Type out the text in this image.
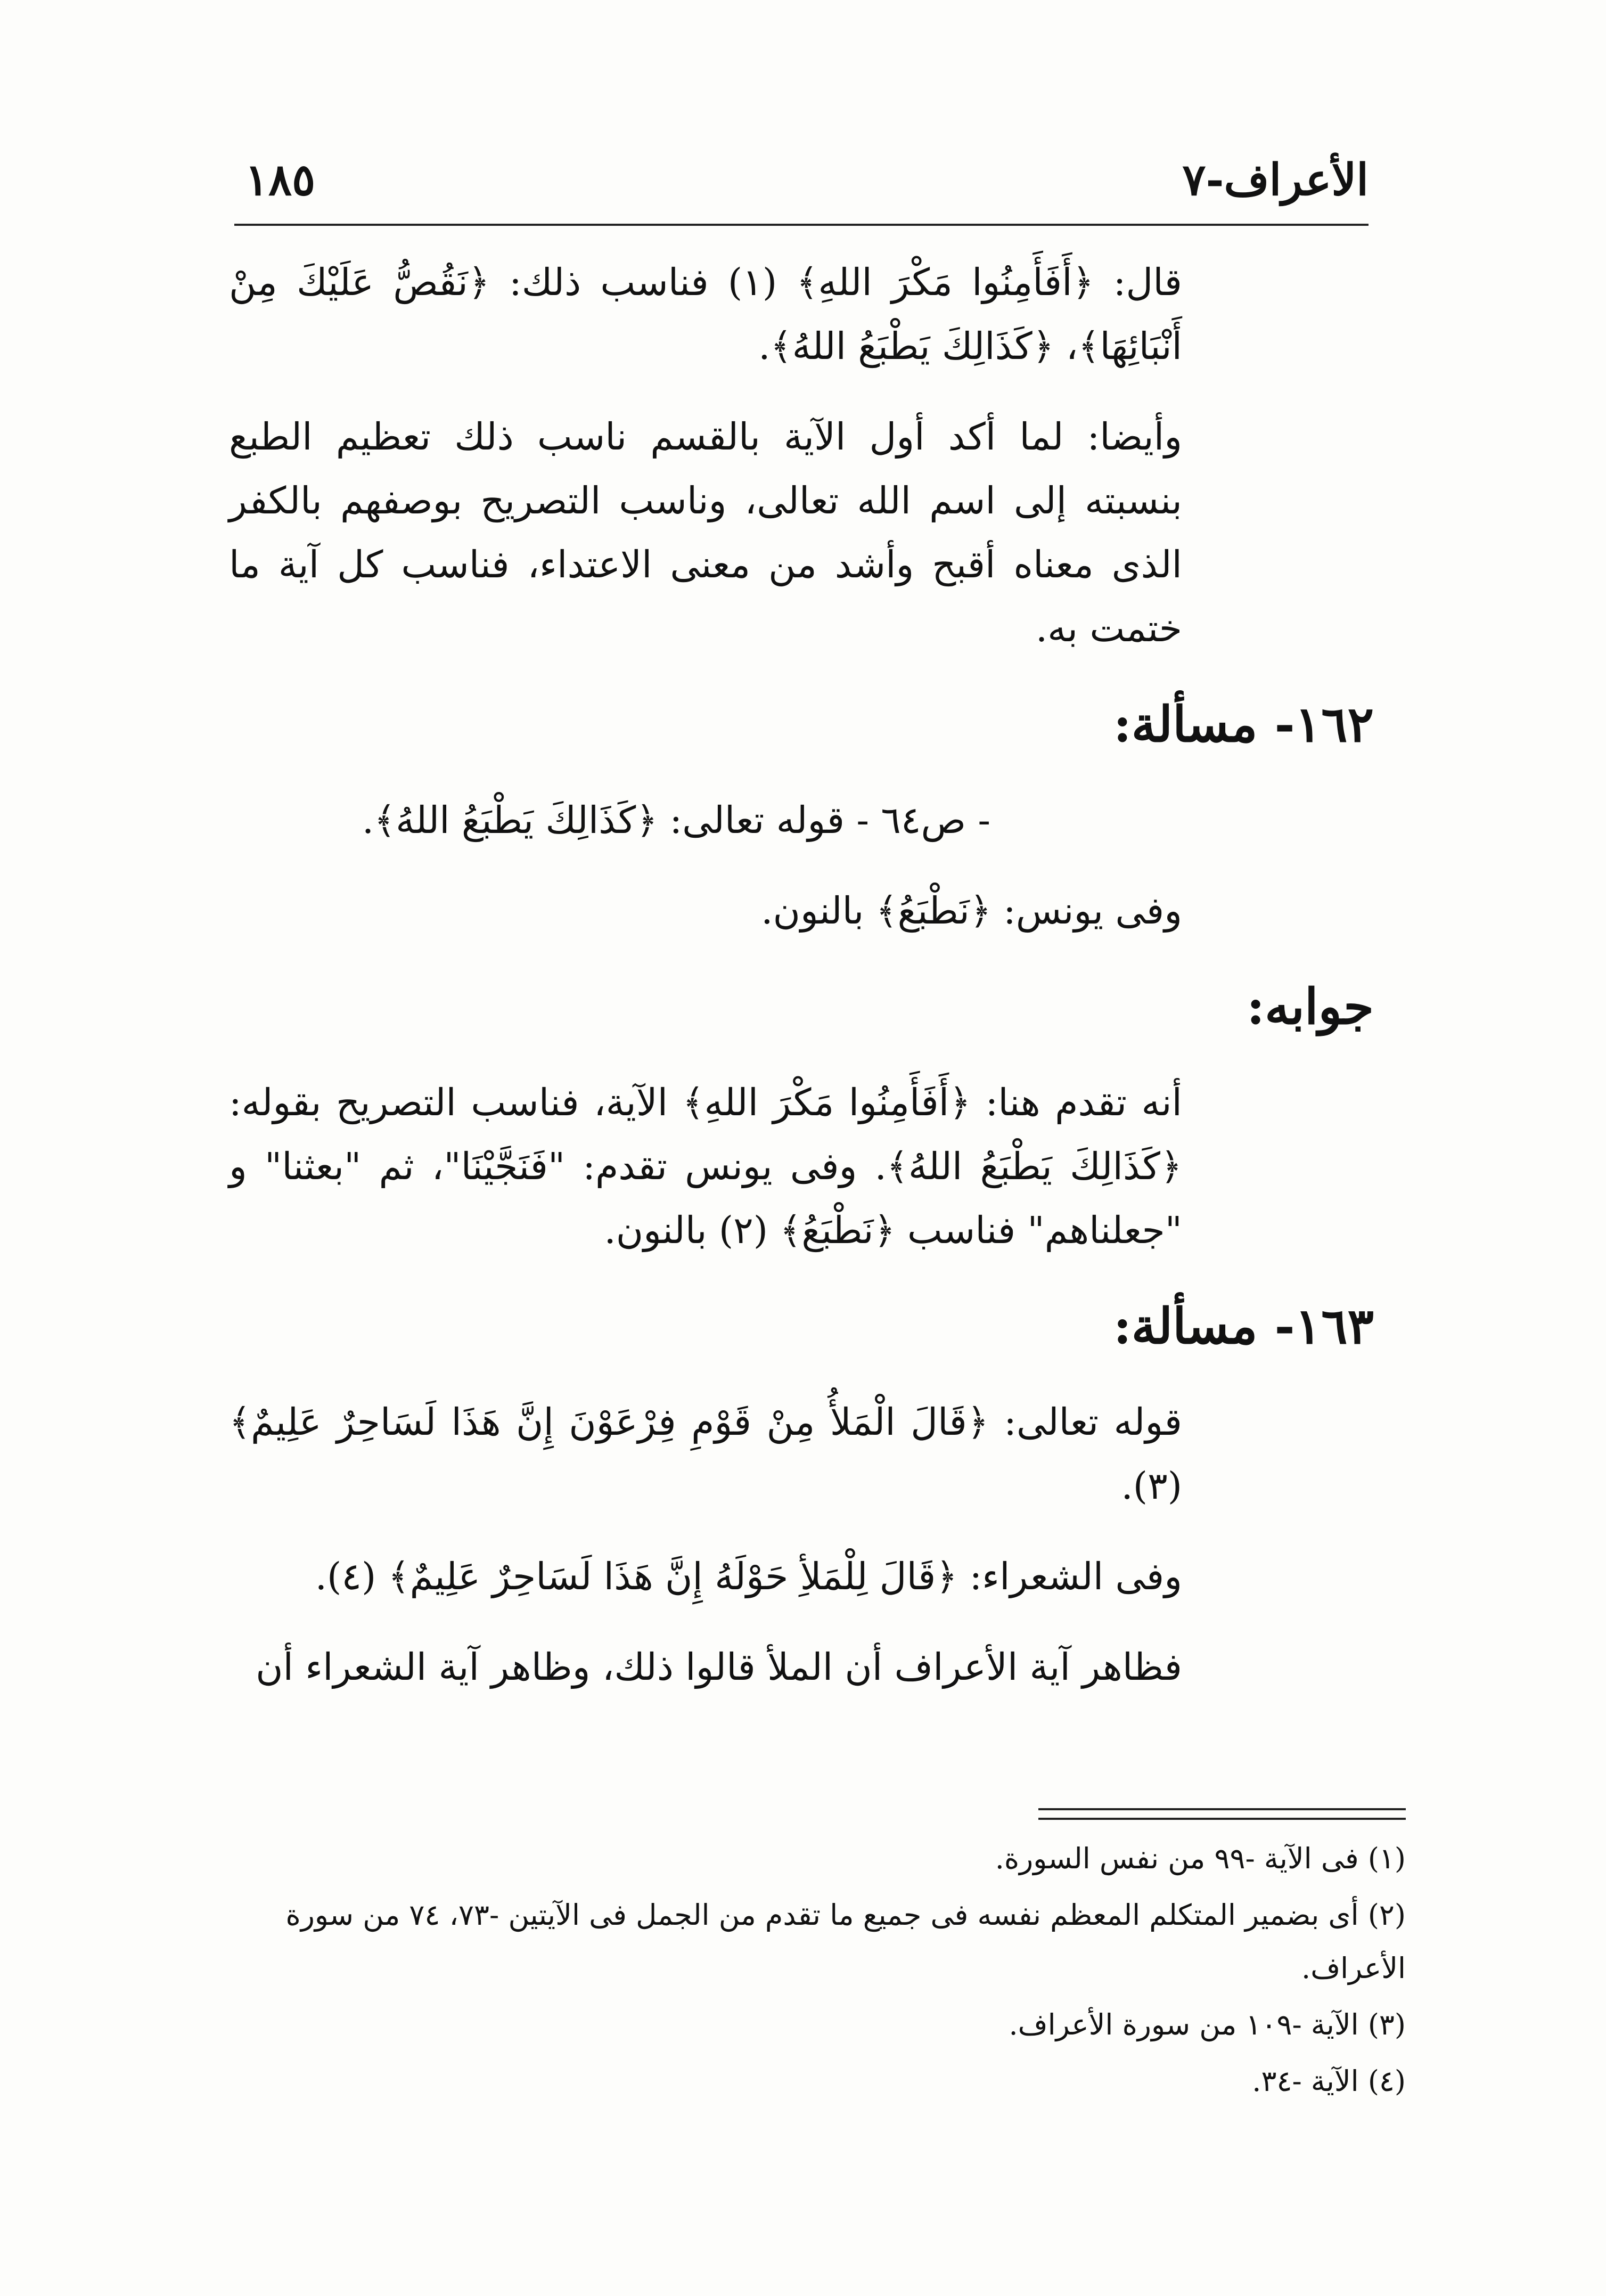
الأعراف-٧
١٨٥

قال: ﴿أَفَأَمِنُوا مَكْرَ اللهِ﴾ (١) فناسب ذلك: ﴿نَقُصُّ عَلَيْكَ مِنْ أَنْبَائِهَا﴾، ﴿كَذَالِكَ يَطْبَعُ اللهُ﴾.

وأيضا: لما أكد أول الآية بالقسم ناسب ذلك تعظيم الطبع بنسبته إلى اسم الله تعالى، وناسب التصريح بوصفهم بالكفر الذى معناه أقبح وأشد من معنى الاعتداء، فناسب كل آية ما ختمت به.

١٦٢- مسألة:

- ص٦٤ - قوله تعالى: ﴿كَذَالِكَ يَطْبَعُ اللهُ﴾.

وفى يونس: ﴿نَطْبَعُ﴾ بالنون.

جوابه:

أنه تقدم هنا: ﴿أَفَأَمِنُوا مَكْرَ اللهِ﴾ الآية، فناسب التصريح بقوله: ﴿كَذَالِكَ يَطْبَعُ اللهُ﴾. وفى يونس تقدم: "فَنَجَّيْنَا"، ثم "بعثنا" و "جعلناهم" فناسب ﴿نَطْبَعُ﴾ (٢) بالنون.

١٦٣- مسألة:

قوله تعالى: ﴿قَالَ الْمَلأُ مِنْ قَوْمِ فِرْعَوْنَ إِنَّ هَذَا لَسَاحِرٌ عَلِيمٌ﴾ (٣).

وفى الشعراء: ﴿قَالَ لِلْمَلأِ حَوْلَهُ إِنَّ هَذَا لَسَاحِرٌ عَلِيمٌ﴾ (٤).

فظاهر آية الأعراف أن الملأ قالوا ذلك، وظاهر آية الشعراء أن

(١) فى الآية -٩٩ من نفس السورة.

(٢) أى بضمير المتكلم المعظم نفسه فى جميع ما تقدم من الجمل فى الآيتين -٧٣، ٧٤ من سورة الأعراف.

(٣) الآية -١٠٩ من سورة الأعراف.

(٤) الآية -٣٤.
